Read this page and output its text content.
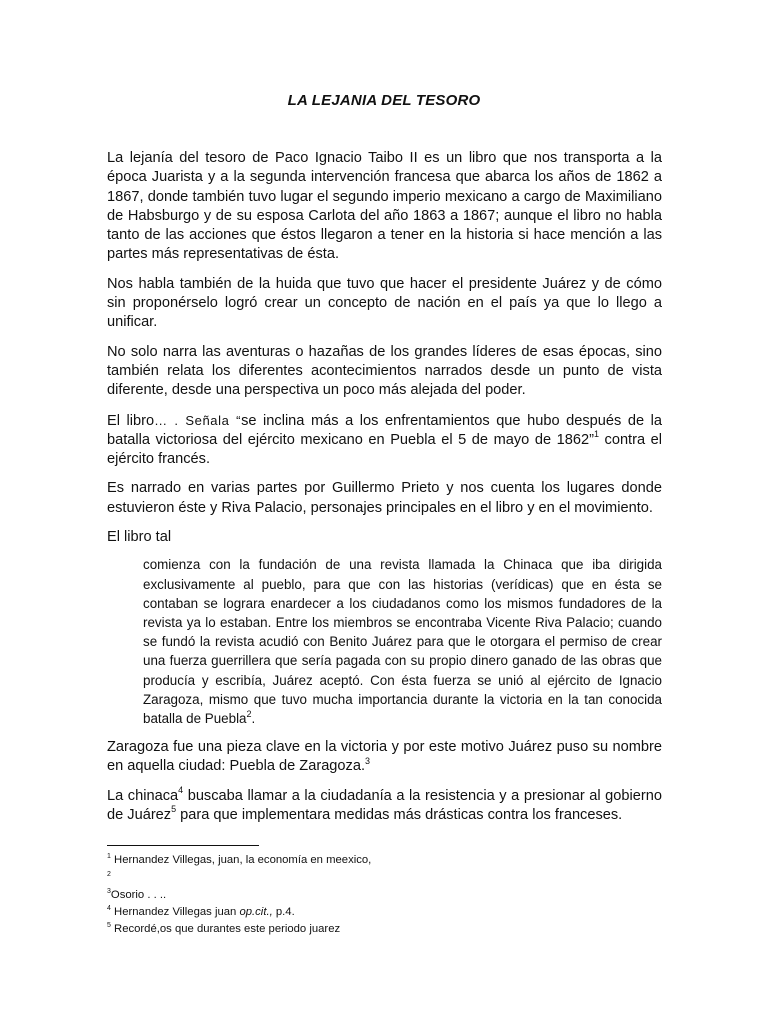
LA LEJANIA DEL TESORO

La lejanía del tesoro de Paco Ignacio Taibo II es un libro que nos transporta a la época Juarista y a la segunda intervención francesa que abarca los años de 1862 a 1867, donde también tuvo lugar el segundo imperio mexicano a cargo de Maximiliano de Habsburgo y de su esposa Carlota del año 1863 a 1867; aunque el libro no habla tanto de las acciones que éstos llegaron a tener en la historia si hace mención a las partes más representativas de ésta.

Nos habla también de la huida que tuvo que hacer el presidente Juárez y de cómo sin proponérselo logró crear un concepto de nación en el país ya que lo llego a unificar.

No solo narra las aventuras o hazañas de los grandes líderes de esas épocas, sino también relata los diferentes acontecimientos narrados desde un punto de vista diferente, desde una perspectiva un poco más alejada del poder.

El libro… . Señala “se inclina más a los enfrentamientos que hubo después de la batalla victoriosa del ejército mexicano en Puebla el 5 de mayo de 1862”$^1$ contra el ejército francés.

Es narrado en varias partes por Guillermo Prieto y nos cuenta los lugares donde estuvieron éste y Riva Palacio, personajes principales en el libro y en el movimiento.

El libro tal

comienza con la fundación de una revista llamada la Chinaca que iba dirigida exclusivamente al pueblo, para que con las historias (verídicas) que en ésta se contaban se lograra enardecer a los ciudadanos como los mismos fundadores de la revista ya lo estaban. Entre los miembros se encontraba Vicente Riva Palacio; cuando se fundó la revista acudió con Benito Juárez para que le otorgara el permiso de crear una fuerza guerrillera que sería pagada con su propio dinero ganado de las obras que producía y escribía, Juárez aceptó. Con ésta fuerza se unió al ejército de Ignacio Zaragoza, mismo que tuvo mucha importancia durante la victoria en la tan conocida batalla de Puebla$^2$.

Zaragoza fue una pieza clave en la victoria y por este motivo Juárez puso su nombre en aquella ciudad: Puebla de Zaragoza.$^3$

La chinaca$^4$ buscaba llamar a la ciudadanía a la resistencia y a presionar al gobierno de Juárez$^5$ para que implementara medidas más drásticas contra los franceses.

$^1$ Hernandez Villegas, juan, la economía en meexico,
$^2$
$^3$Osorio . . ..
$^4$ Hernandez Villegas juan op.cit., p.4.
$^5$ Recordé,os que durantes este periodo juarez
